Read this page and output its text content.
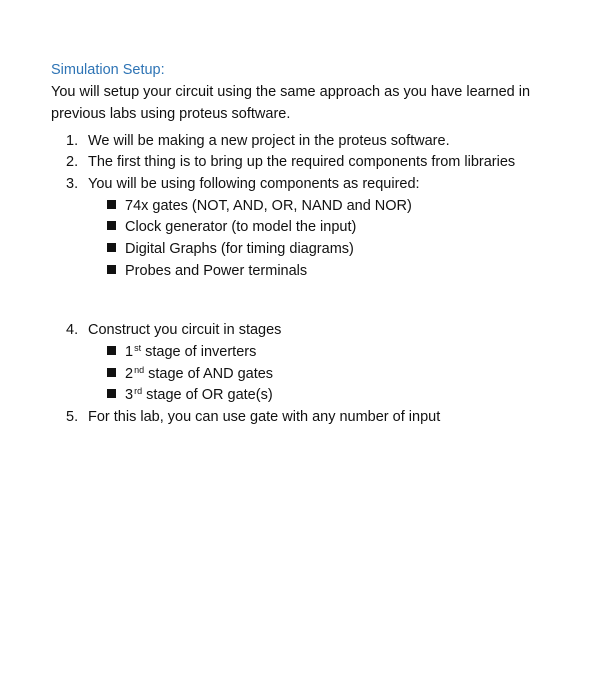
Simulation Setup:
You will setup your circuit using the same approach as you have learned in
previous labs using proteus software.
1. We will be making a new project in the proteus software.
2. The first thing is to bring up the required components from libraries
3. You will be using following components as required:
74x gates (NOT, AND, OR, NAND and NOR)
Clock generator (to model the input)
Digital Graphs (for timing diagrams)
Probes and Power terminals
4. Construct you circuit in stages
1st stage of inverters
2nd stage of AND gates
3rd stage of OR gate(s)
5. For this lab, you can use gate with any number of input
